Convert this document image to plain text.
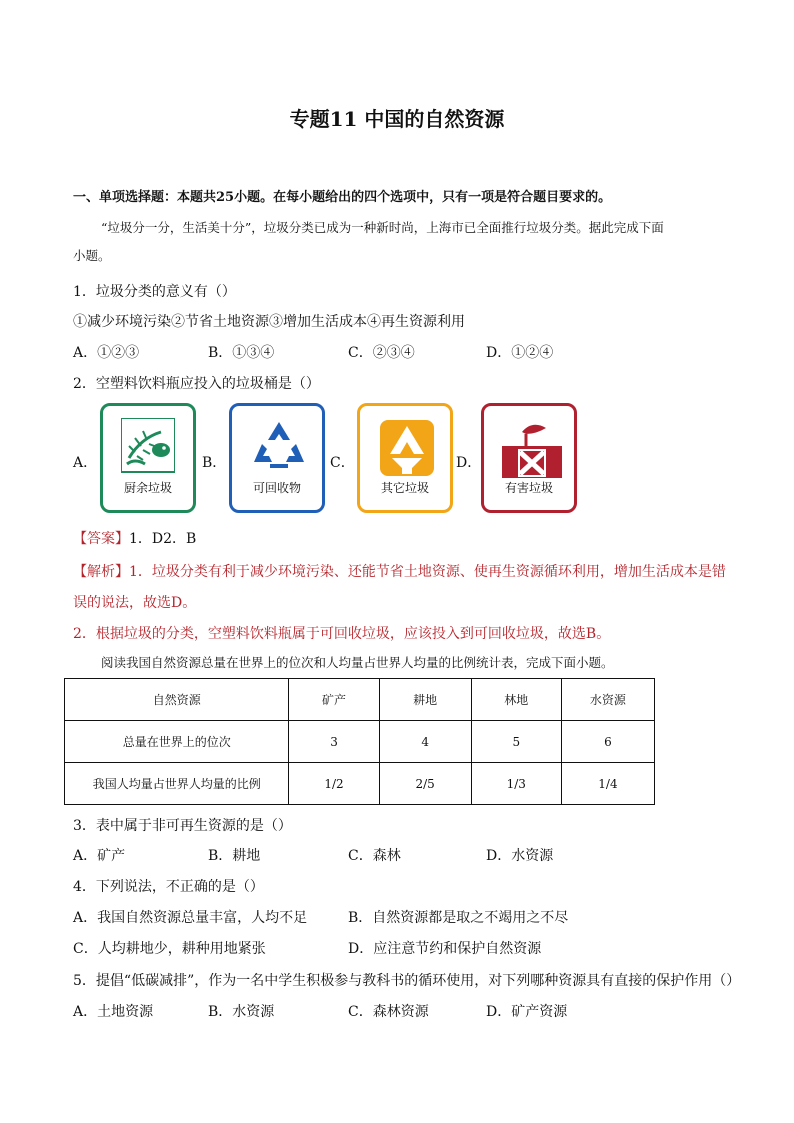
专题11 中国的自然资源
一、单项选择题：本题共25小题。在每小题给出的四个选项中，只有一项是符合题目要求的。
“垃圾分一分，生活美十分”，垃圾分类已成为一种新时尚，上海市已全面推行垃圾分类。据此完成下面
小题。
1．垃圾分类的意义有（）
①减少环境污染②节省土地资源③增加生活成本④再生资源利用
A．①②③	B．①③④	C．②③④	D．①②④
2．空塑料饮料瓶应投入的垃圾桶是（）
A．
厨余垃圾
B．
可回收物
C．
其它垃圾
D．
有害垃圾
【答案】1．D2．B
【解析】1．垃圾分类有利于减少环境污染、还能节省土地资源、使再生资源循环利用，增加生活成本是错
误的说法，故选D。
2．根据垃圾的分类，空塑料饮料瓶属于可回收垃圾，应该投入到可回收垃圾，故选B。
阅读我国自然资源总量在世界上的位次和人均量占世界人均量的比例统计表，完成下面小题。
自然资源	矿产	耕地	林地	水资源
总量在世界上的位次	3	4	5	6
我国人均量占世界人均量的比例	1/2	2/5	1/3	1/4
3．表中属于非可再生资源的是（）
A．矿产	B．耕地	C．森林	D．水资源
4．下列说法，不正确的是（）
A．我国自然资源总量丰富，人均不足	B．自然资源都是取之不竭用之不尽
C．人均耕地少，耕种用地紧张	D．应注意节约和保护自然资源
5．提倡“低碳减排”，作为一名中学生积极参与教科书的循环使用，对下列哪种资源具有直接的保护作用（）
A．土地资源	B．水资源	C．森林资源	D．矿产资源
